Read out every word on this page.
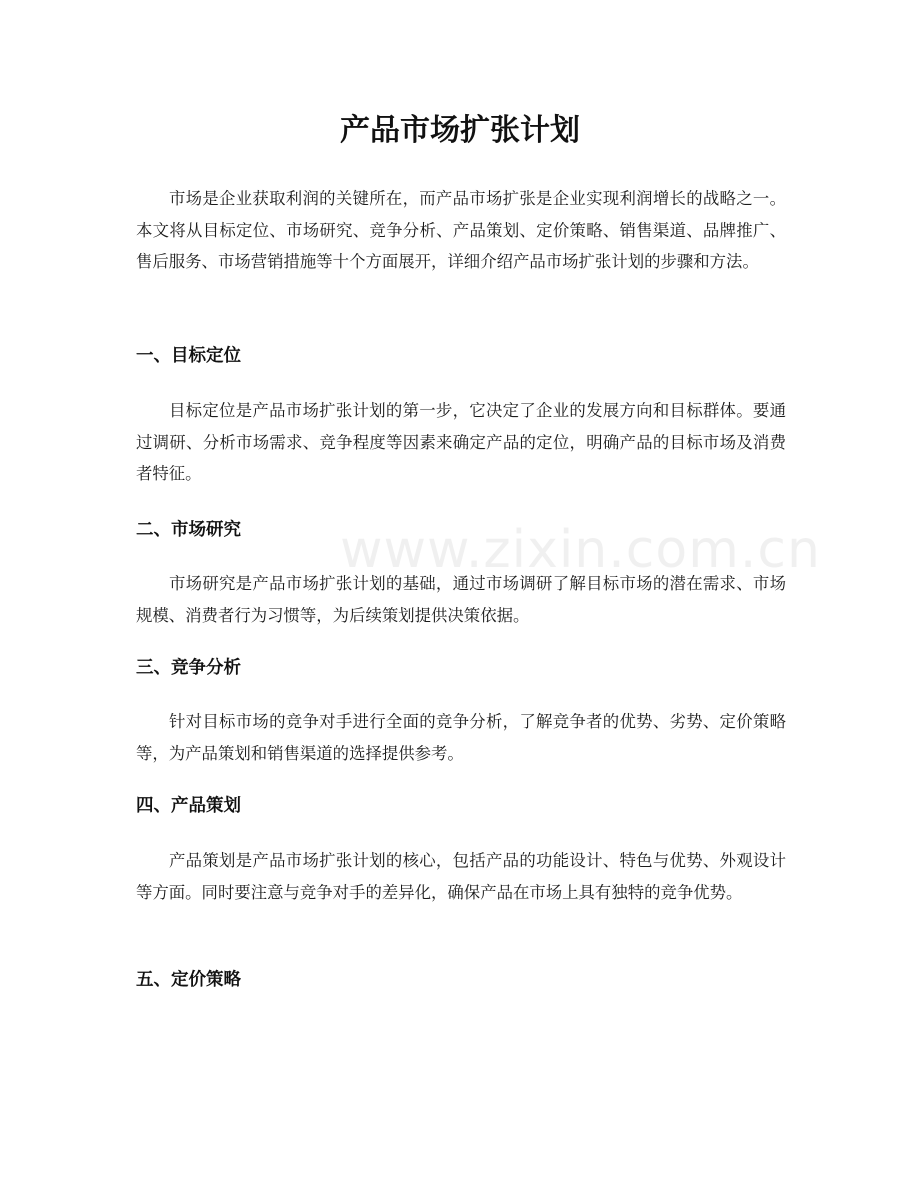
产品市场扩张计划

市场是企业获取利润的关键所在，而产品市场扩张是企业实现利润增长的战略之一。本文将从目标定位、市场研究、竞争分析、产品策划、定价策略、销售渠道、品牌推广、售后服务、市场营销措施等十个方面展开，详细介绍产品市场扩张计划的步骤和方法。

一、目标定位

目标定位是产品市场扩张计划的第一步，它决定了企业的发展方向和目标群体。要通过调研、分析市场需求、竞争程度等因素来确定产品的定位，明确产品的目标市场及消费者特征。

二、市场研究

市场研究是产品市场扩张计划的基础，通过市场调研了解目标市场的潜在需求、市场规模、消费者行为习惯等，为后续策划提供决策依据。

三、竞争分析

针对目标市场的竞争对手进行全面的竞争分析，了解竞争者的优势、劣势、定价策略等，为产品策划和销售渠道的选择提供参考。

四、产品策划

产品策划是产品市场扩张计划的核心，包括产品的功能设计、特色与优势、外观设计等方面。同时要注意与竞争对手的差异化，确保产品在市场上具有独特的竞争优势。

五、定价策略
www.zixin.com.cn
